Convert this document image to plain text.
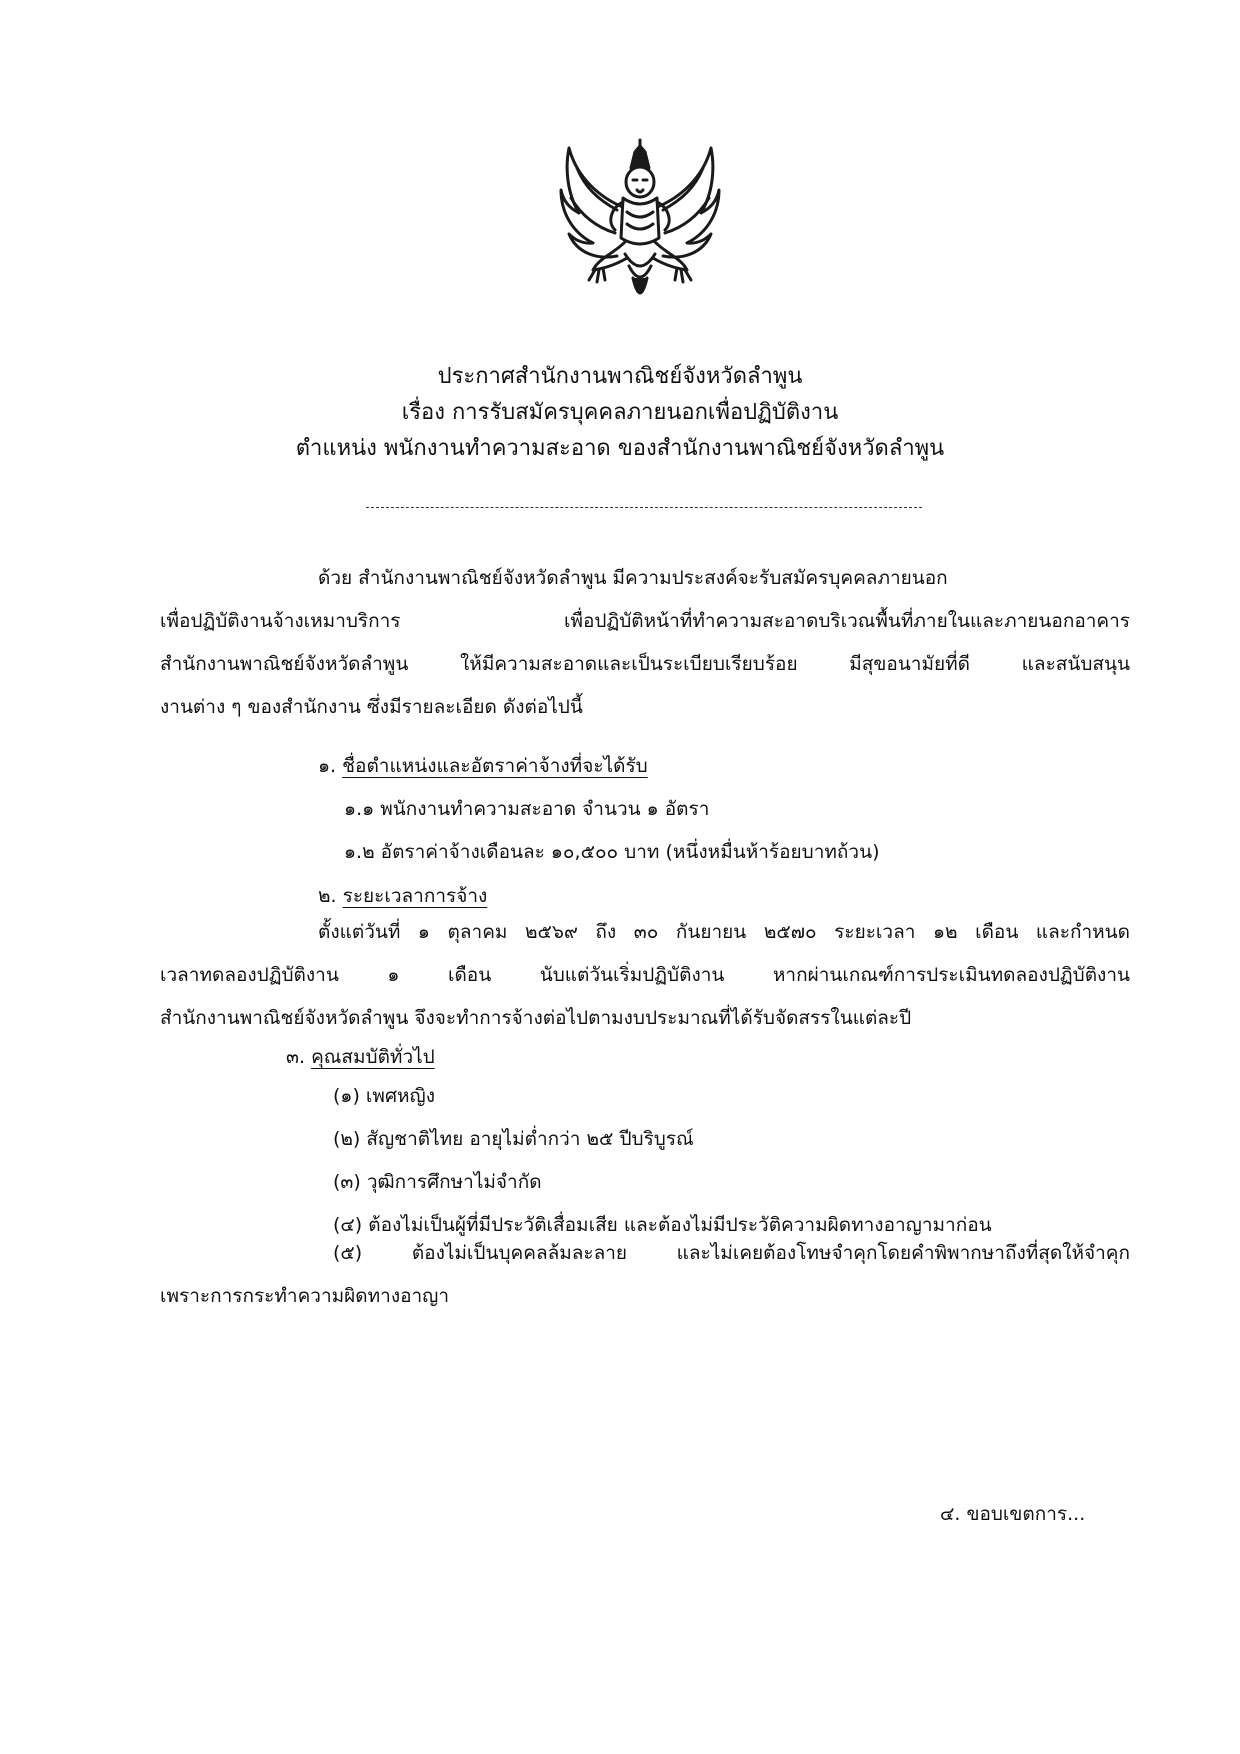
ประกาศสำนักงานพาณิชย์จังหวัดลำพูน
เรื่อง การรับสมัครบุคคลภายนอกเพื่อปฏิบัติงาน
ตำแหน่ง พนักงานทำความสะอาด ของสำนักงานพาณิชย์จังหวัดลำพูน
ด้วย สำนักงานพาณิชย์จังหวัดลำพูน มีความประสงค์จะรับสมัครบุคคลภายนอก
เพื่อปฏิบัติงานจ้างเหมาบริการ เพื่อปฏิบัติหน้าที่ทำความสะอาดบริเวณพื้นที่ภายในและภายนอกอาคาร
สำนักงานพาณิชย์จังหวัดลำพูน ให้มีความสะอาดและเป็นระเบียบเรียบร้อย มีสุขอนามัยที่ดี และสนับสนุน
งานต่าง ๆ ของสำนักงาน ซึ่งมีรายละเอียด ดังต่อไปนี้
๑. ชื่อตำแหน่งและอัตราค่าจ้างที่จะได้รับ
๑.๑ พนักงานทำความสะอาด จำนวน ๑ อัตรา
๑.๒ อัตราค่าจ้างเดือนละ ๑๐,๕๐๐ บาท (หนึ่งหมื่นห้าร้อยบาทถ้วน)
๒. ระยะเวลาการจ้าง
ตั้งแต่วันที่ ๑ ตุลาคม ๒๕๖๙ ถึง ๓๐ กันยายน ๒๕๗๐ ระยะเวลา ๑๒ เดือน และกำหนด
เวลาทดลองปฏิบัติงาน ๑ เดือน นับแต่วันเริ่มปฏิบัติงาน หากผ่านเกณฑ์การประเมินทดลองปฏิบัติงาน
สำนักงานพาณิชย์จังหวัดลำพูน จึงจะทำการจ้างต่อไปตามงบประมาณที่ได้รับจัดสรรในแต่ละปี
๓. คุณสมบัติทั่วไป
(๑) เพศหญิง
(๒) สัญชาติไทย อายุไม่ต่ำกว่า ๒๕ ปีบริบูรณ์
(๓) วุฒิการศึกษาไม่จำกัด
(๔) ต้องไม่เป็นผู้ที่มีประวัติเสื่อมเสีย และต้องไม่มีประวัติความผิดทางอาญามาก่อน
(๕) ต้องไม่เป็นบุคคลล้มละลาย และไม่เคยต้องโทษจำคุกโดยคำพิพากษาถึงที่สุดให้จำคุก
เพราะการกระทำความผิดทางอาญา
๔. ขอบเขตการ...
